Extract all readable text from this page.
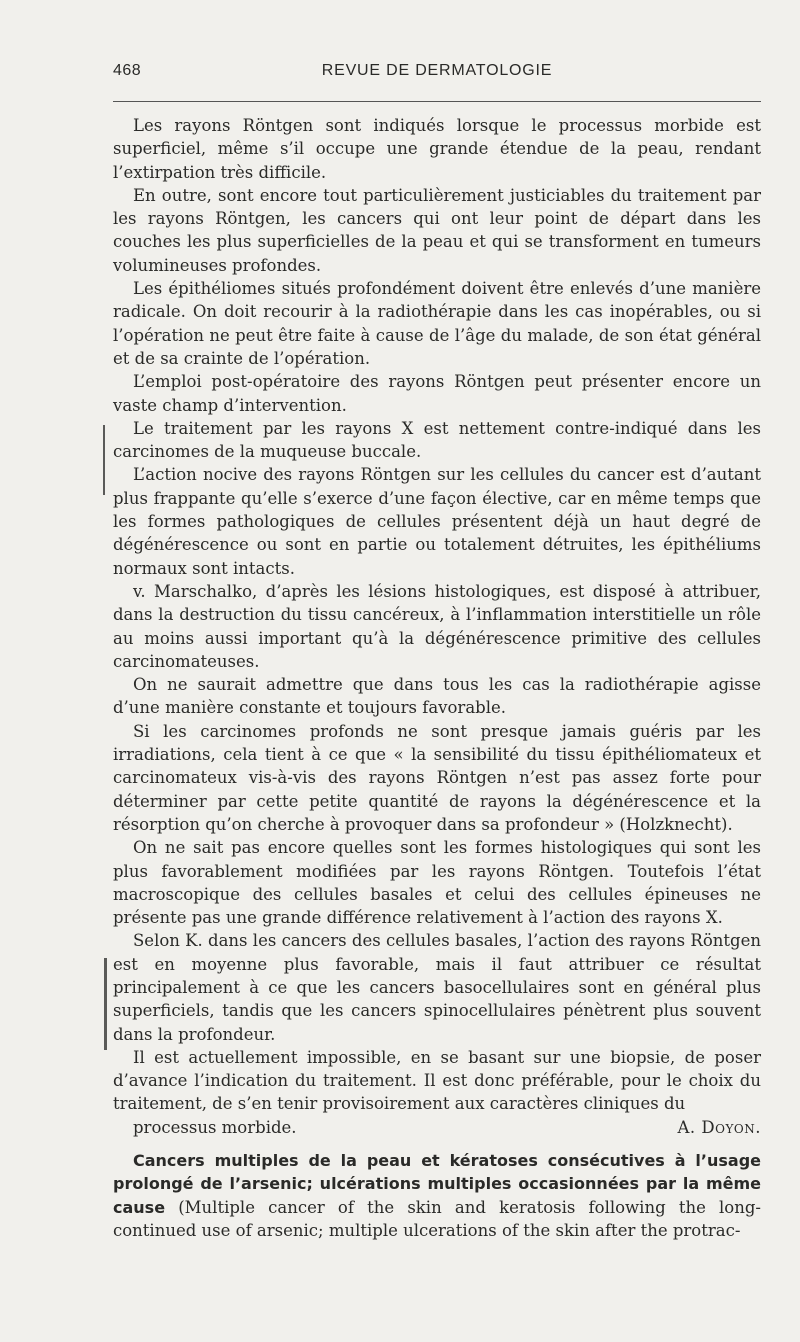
468	REVUE DE DERMATOLOGIE

Les rayons Röntgen sont indiqués lorsque le processus morbide est superficiel, même s’il occupe une grande étendue de la peau, rendant l’extirpation très difficile.

En outre, sont encore tout particulièrement justiciables du traitement par les rayons Röntgen, les cancers qui ont leur point de départ dans les couches les plus superficielles de la peau et qui se transforment en tumeurs volumineuses profondes.

Les épithéliomes situés profondément doivent être enlevés d’une manière radicale. On doit recourir à la radiothérapie dans les cas inopérables, ou si l’opération ne peut être faite à cause de l’âge du malade, de son état général et de sa crainte de l’opération.

L’emploi post-opératoire des rayons Röntgen peut présenter encore un vaste champ d’intervention.

Le traitement par les rayons X est nettement contre-indiqué dans les carcinomes de la muqueuse buccale.

L’action nocive des rayons Röntgen sur les cellules du cancer est d’autant plus frappante qu’elle s’exerce d’une façon élective, car en même temps que les formes pathologiques de cellules présentent déjà un haut degré de dégénérescence ou sont en partie ou totalement détruites, les épithéliums normaux sont intacts.

v. Marschalko, d’après les lésions histologiques, est disposé à attribuer, dans la destruction du tissu cancéreux, à l’inflammation interstitielle un rôle au moins aussi important qu’à la dégénérescence primitive des cellules carcinomateuses.

On ne saurait admettre que dans tous les cas la radiothérapie agisse d’une manière constante et toujours favorable.

Si les carcinomes profonds ne sont presque jamais guéris par les irradiations, cela tient à ce que « la sensibilité du tissu épithéliomateux et carcinomateux vis-à-vis des rayons Röntgen n’est pas assez forte pour déterminer par cette petite quantité de rayons la dégénérescence et la résorption qu’on cherche à provoquer dans sa profondeur » (Holzknecht).

On ne sait pas encore quelles sont les formes histologiques qui sont les plus favorablement modifiées par les rayons Röntgen. Toutefois l’état macroscopique des cellules basales et celui des cellules épineuses ne présente pas une grande différence relativement à l’action des rayons X.

Selon K. dans les cancers des cellules basales, l’action des rayons Röntgen est en moyenne plus favorable, mais il faut attribuer ce résultat principalement à ce que les cancers basocellulaires sont en général plus superficiels, tandis que les cancers spinocellulaires pénètrent plus souvent dans la profondeur.

Il est actuellement impossible, en se basant sur une biopsie, de poser d’avance l’indication du traitement. Il est donc préférable, pour le choix du traitement, de s’en tenir provisoirement aux caractères cliniques du

processus morbide.	A. Doyon.

Cancers multiples de la peau et kératoses consécutives à l’usage prolongé de l’arsenic; ulcérations multiples occasionnées par la même cause (Multiple cancer of the skin and keratosis following the long-continued use of arsenic; multiple ulcerations of the skin after the protrac-
